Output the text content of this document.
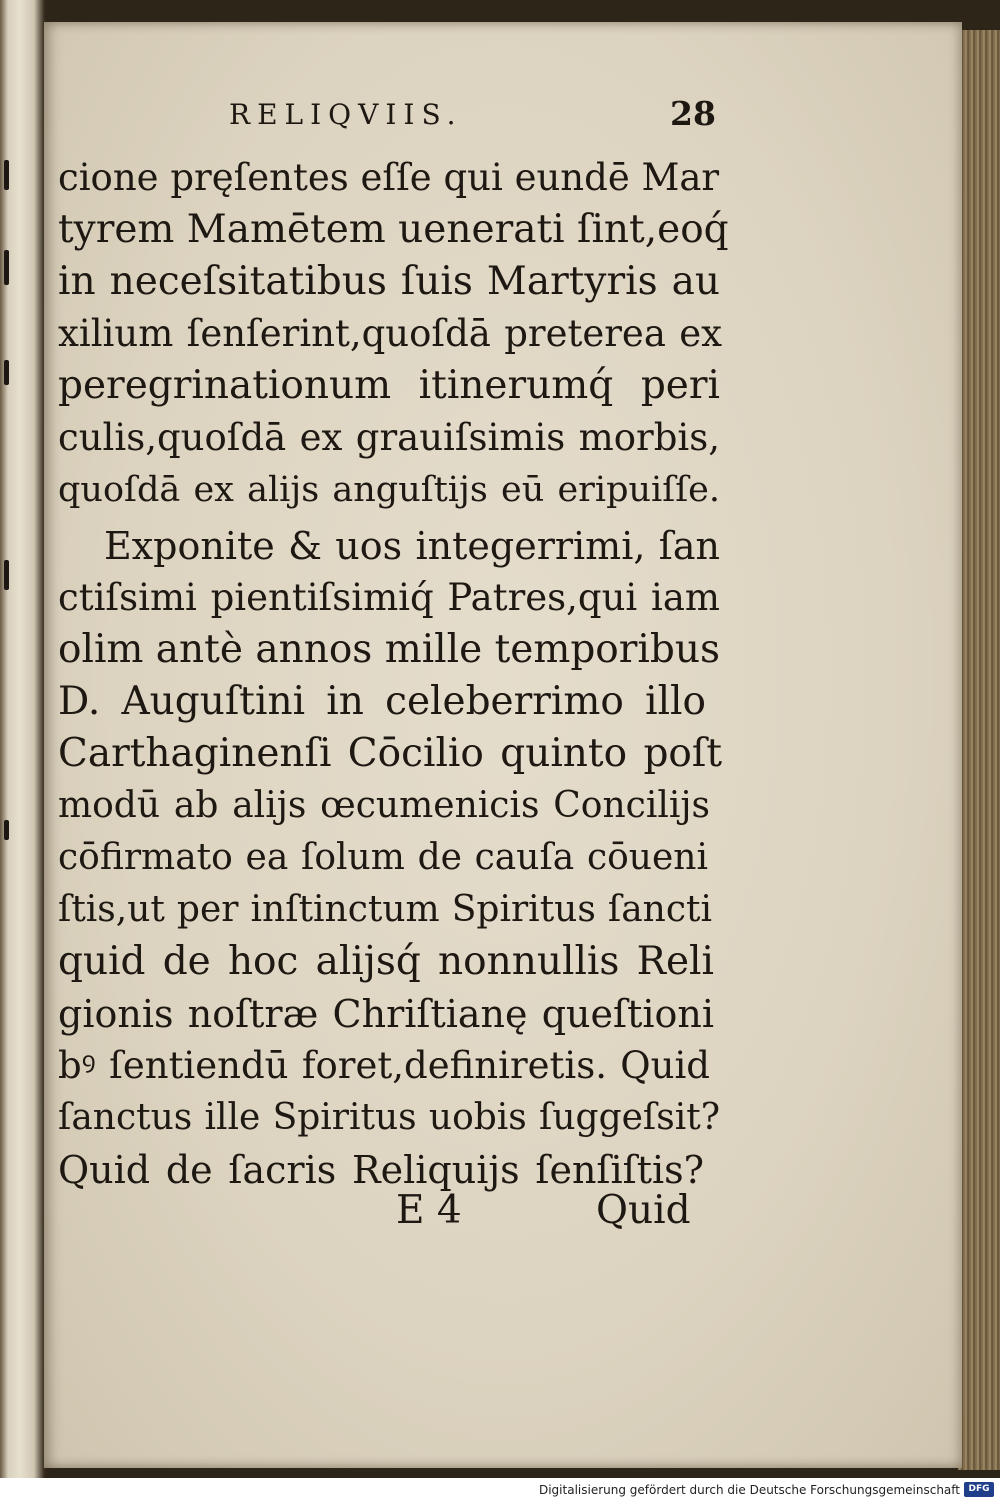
RELIQVIIS.	28
cione pręſentes eſſe qui eundē Mar
tyrem Mamētem uenerati ſint,eoq́
in neceſsitatibus ſuis Martyris au
xilium ſenſerint,quoſdā preterea ex
peregrinationum itinerumq́ peri
culis,quoſdā ex grauiſsimis morbis,
quoſdā ex alijs anguſtijs eū eripuiſſe.
Exponite & uos integerrimi, ſan
ctiſsimi pientiſsimiq́ Patres,qui iam
olim antè annos mille temporibus
D. Auguſtini in celeberrimo illo
Carthaginenſi Cōcilio quinto poſt
modū ab alijs œcumenicis Concilijs
cōfirmato ea ſolum de cauſa cōueni
ſtis,ut per inſtinctum Spiritus ſancti
quid de hoc alijsq́ nonnullis Reli
gionis noſtræ Chriſtianę queſtioni
bꝰ ſentiendū foret,definiretis. Quid
ſanctus ille Spiritus uobis ſuggeſsit?
Quid de ſacris Reliquijs ſenſiſtis?
E 4	Quid
Digitalisierung gefördert durch die Deutsche Forschungsgemeinschaft DFG
